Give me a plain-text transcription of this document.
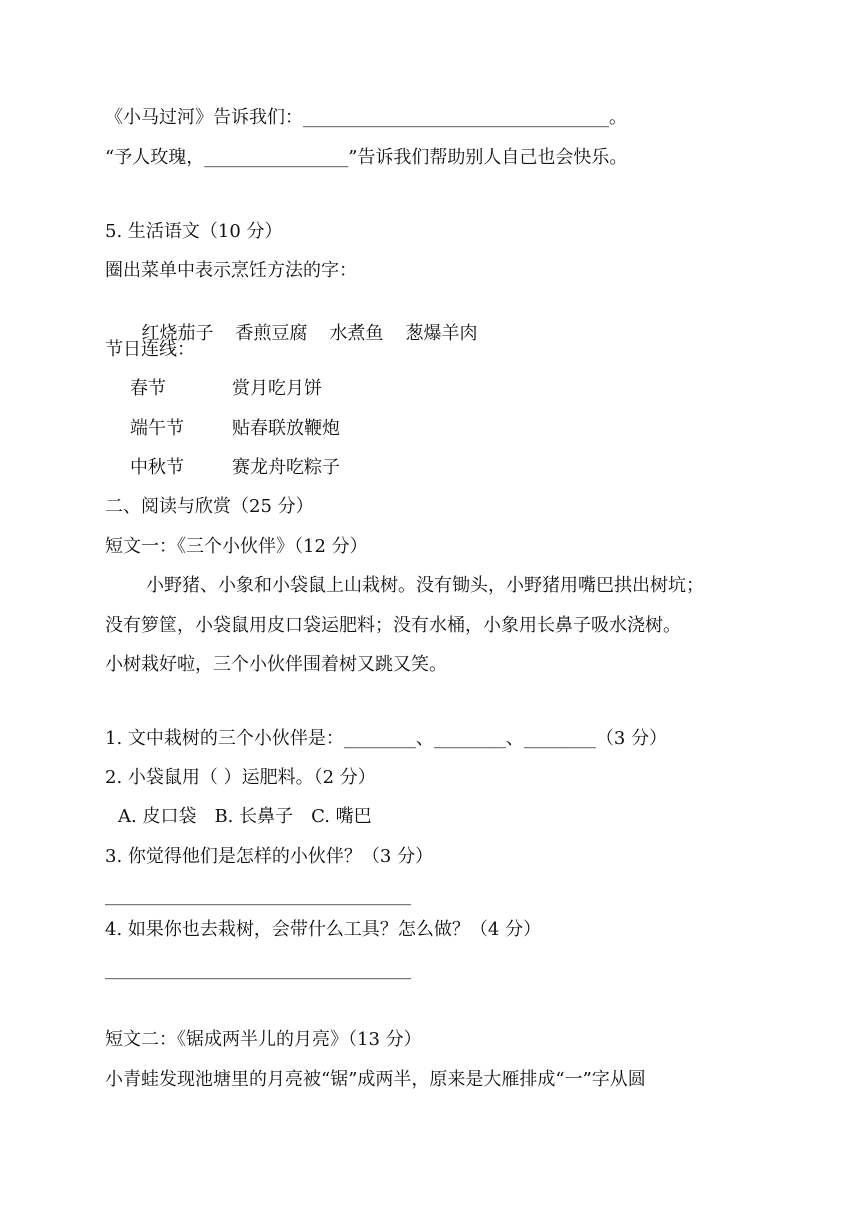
《小马过河》告诉我们：__________________________________。
“予人玫瑰，________________”告诉我们帮助别人自己也会快乐。
5. 生活语文（10 分）
圈出菜单中表示烹饪方法的字：

红烧茄子 香煎豆腐 水煮鱼 葱爆羊肉

节日连线：
春节	赏月吃月饼
端午节	贴春联放鞭炮
中秋节	赛龙舟吃粽子
二、阅读与欣赏（25 分）
短文一：《三个小伙伴》（12 分）
小野猪、小象和小袋鼠上山栽树。没有锄头，小野猪用嘴巴拱出树坑；
没有箩筐，小袋鼠用皮口袋运肥料；没有水桶，小象用长鼻子吸水浇树。
小树栽好啦，三个小伙伴围着树又跳又笑。
1. 文中栽树的三个小伙伴是：________、________、________（3 分）
2. 小袋鼠用（ ）运肥料。（2 分）
A. 皮口袋　B. 长鼻子　C. 嘴巴
3. 你觉得他们是怎样的小伙伴？（3 分）
__________________________________
4. 如果你也去栽树，会带什么工具？怎么做？（4 分）
__________________________________
短文二：《锯成两半儿的月亮》（13 分）
小青蛙发现池塘里的月亮被“锯”成两半，原来是大雁排成“一”字从圆
